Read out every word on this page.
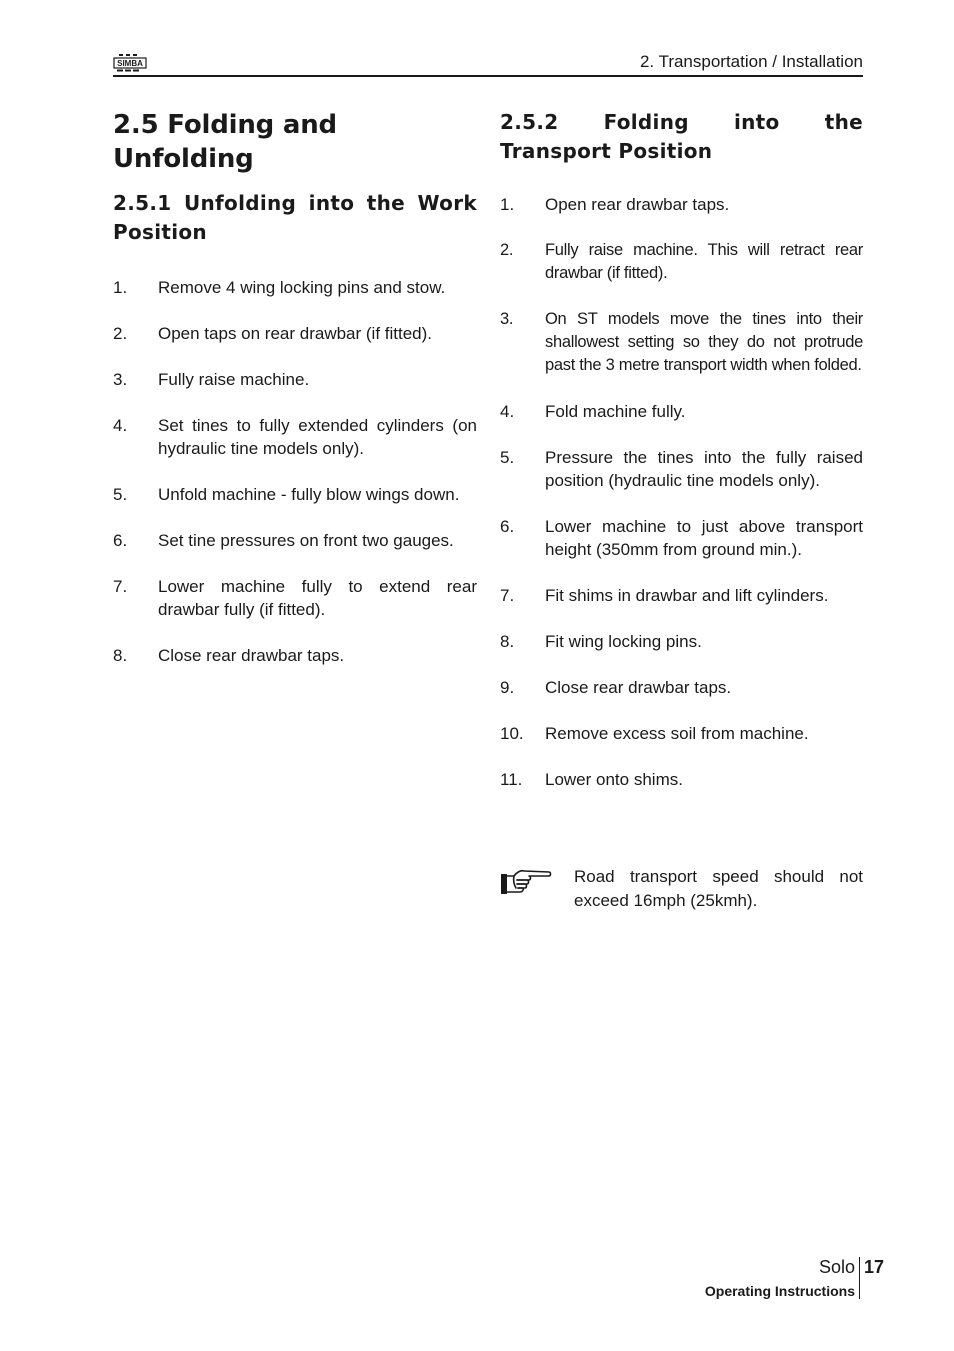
SIMBA	2. Transportation / Installation
2.5 Folding and Unfolding
2.5.1 Unfolding into the Work Position
1. Remove 4 wing locking pins and stow.
2. Open taps on rear drawbar (if fitted).
3. Fully raise machine.
4. Set tines to fully extended cylinders (on hydraulic tine models only).
5. Unfold machine - fully blow wings down.
6. Set tine pressures on front two gauges.
7. Lower machine fully to extend rear drawbar fully (if fitted).
8. Close rear drawbar taps.
2.5.2 Folding into the Transport Position
1. Open rear drawbar taps.
2. Fully raise machine. This will retract rear drawbar (if fitted).
3. On ST models move the tines into their shallowest setting so they do not protrude past the 3 metre transport width when folded.
4. Fold machine fully.
5. Pressure the tines into the fully raised position (hydraulic tine models only).
6. Lower machine to just above transport height (350mm from ground min.).
7. Fit shims in drawbar and lift cylinders.
8. Fit wing locking pins.
9. Close rear drawbar taps.
10. Remove excess soil from machine.
11. Lower onto shims.

Road transport speed should not exceed 16mph (25kmh).

Solo
Operating Instructions
17
